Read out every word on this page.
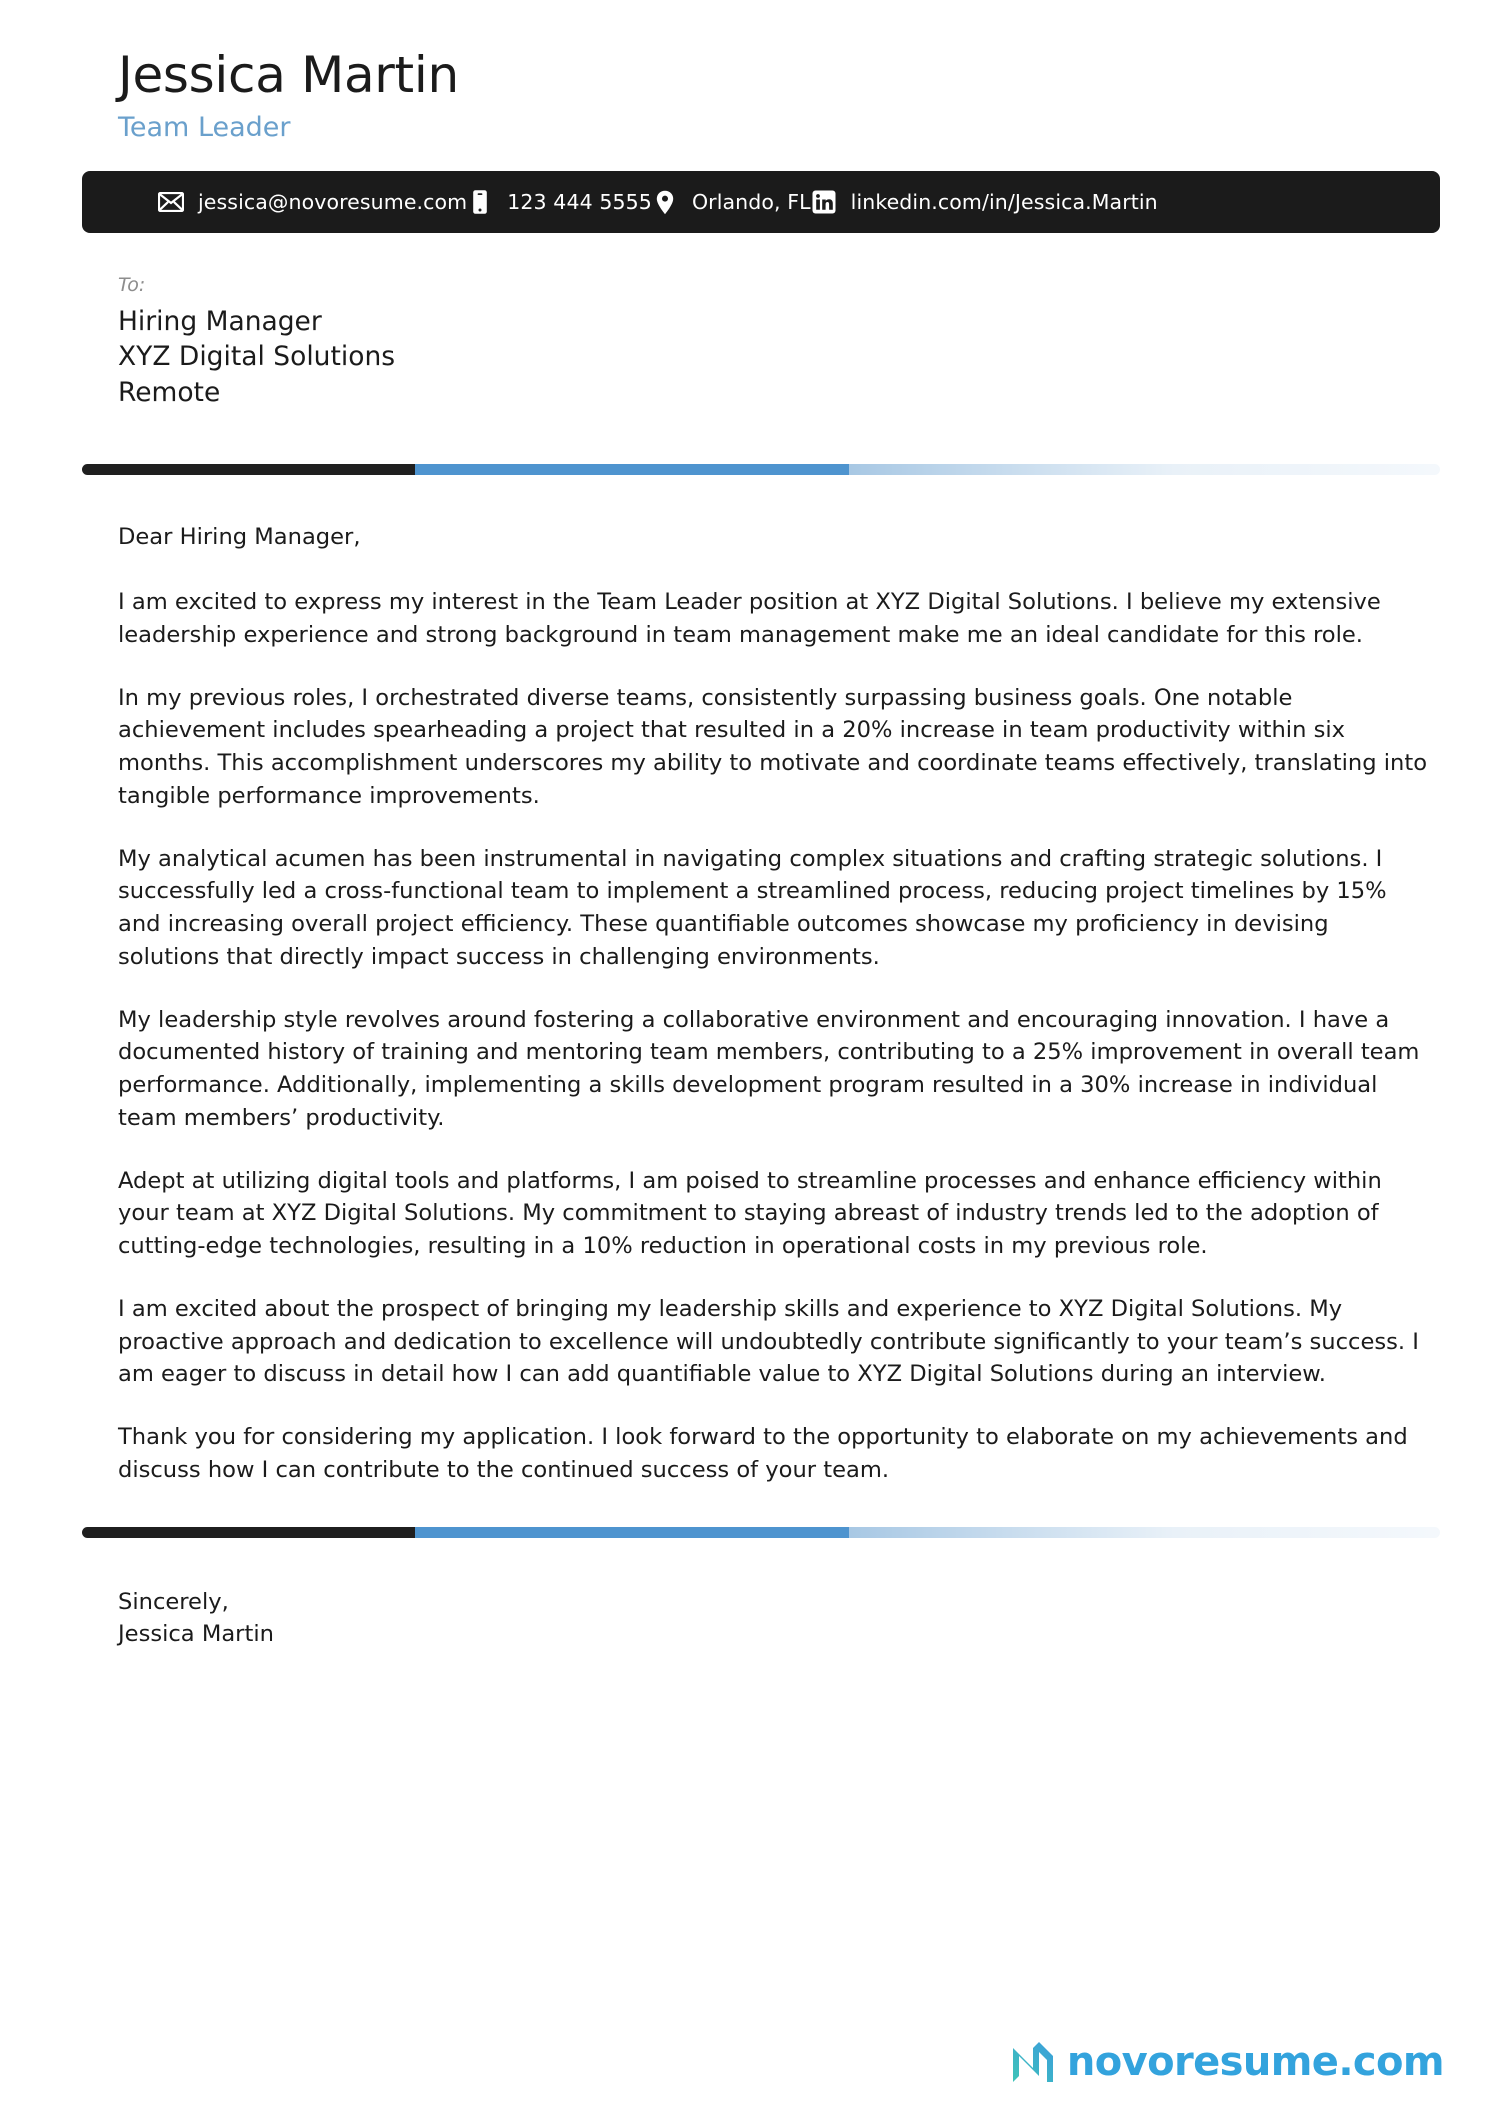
Jessica Martin
Team Leader
jessica@novoresume.com 123 444 5555 Orlando, FL linkedin.com/in/Jessica.Martin
To:
Hiring Manager
XYZ Digital Solutions
Remote

Dear Hiring Manager,

I am excited to express my interest in the Team Leader position at XYZ Digital Solutions. I believe my extensive leadership experience and strong background in team management make me an ideal candidate for this role.

In my previous roles, I orchestrated diverse teams, consistently surpassing business goals. One notable achievement includes spearheading a project that resulted in a 20% increase in team productivity within six months. This accomplishment underscores my ability to motivate and coordinate teams effectively, translating into tangible performance improvements.

My analytical acumen has been instrumental in navigating complex situations and crafting strategic solutions. I successfully led a cross-functional team to implement a streamlined process, reducing project timelines by 15% and increasing overall project efficiency. These quantifiable outcomes showcase my proficiency in devising solutions that directly impact success in challenging environments.

My leadership style revolves around fostering a collaborative environment and encouraging innovation. I have a documented history of training and mentoring team members, contributing to a 25% improvement in overall team performance. Additionally, implementing a skills development program resulted in a 30% increase in individual team members’ productivity.

Adept at utilizing digital tools and platforms, I am poised to streamline processes and enhance efficiency within your team at XYZ Digital Solutions. My commitment to staying abreast of industry trends led to the adoption of cutting-edge technologies, resulting in a 10% reduction in operational costs in my previous role.

I am excited about the prospect of bringing my leadership skills and experience to XYZ Digital Solutions. My proactive approach and dedication to excellence will undoubtedly contribute significantly to your team’s success. I am eager to discuss in detail how I can add quantifiable value to XYZ Digital Solutions during an interview.

Thank you for considering my application. I look forward to the opportunity to elaborate on my achievements and discuss how I can contribute to the continued success of your team.

Sincerely,

Jessica Martin

novoresume.com
